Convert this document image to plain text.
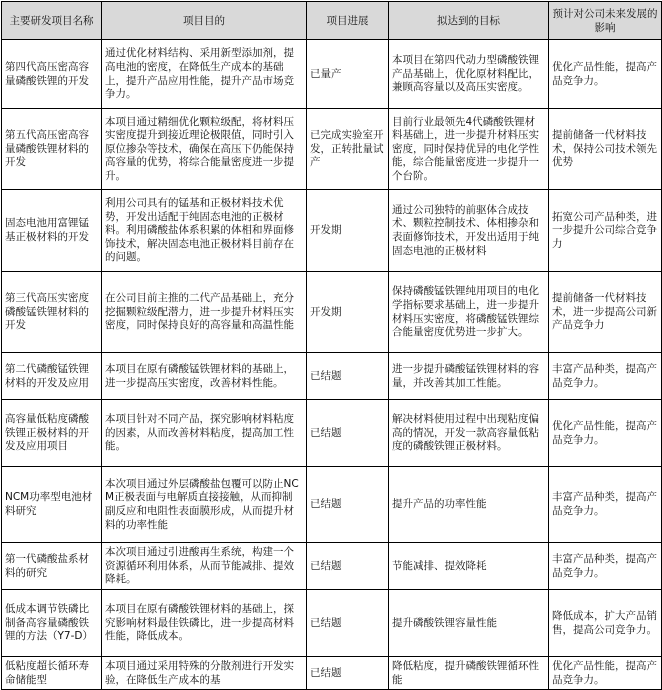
主要研发项目名称	项目目的	项目进展	拟达到的目标	预计对公司未来发展的影响
第四代高压密高容量磷酸铁锂的开发	通过优化材料结构、采用新型添加剂，提高电池的密度，在降低生产成本的基础上，提升产品应用性能，提升产品市场竞争力。	已量产	本项目在第四代动力型磷酸铁锂产品基础上，优化原材料配比，兼顾高容量以及高压实密度。	优化产品性能，提高产品竞争力。
第五代高压密高容量磷酸铁锂材料的开发	本项目通过精细优化颗粒级配，将材料压实密度提升到接近理论极限值，同时引入原位掺杂等技术，确保在高压下仍能保持高容量的优势，将综合能量密度进一步提升。	已完成实验室开发，正转批量试产	目前行业最领先4代磷酸铁锂材料基础上，进一步提升材料压实密度，同时保持优异的电化学性能，综合能量密度进一步提升一个台阶。	提前储备一代材料技术，保持公司技术领先优势
固态电池用富锂锰基正极材料的开发	利用公司具有的锰基和正极材料技术优势，开发出适配于纯固态电池的正极材料。利用磷酸盐体系积累的体相和界面修饰技术，解决固态电池正极材料目前存在的问题。	开发期	通过公司独特的前驱体合成技术、颗粒控制技术、体相掺杂和表面修饰技术，开发出适用于纯固态电池的正极材料	拓宽公司产品种类，进一步提升公司综合竞争力
第三代高压实密度磷酸锰铁锂材料的开发	在公司目前主推的二代产品基础上，充分挖掘颗粒级配潜力，进一步提升材料压实密度，同时保持良好的高容量和高温性能	开发期	保持磷酸锰铁锂纯用项目的电化学指标要求基础上，进一步提升材料压实密度，将磷酸锰铁锂综合能量密度优势进一步扩大。	提前储备一代材料技术，进一步提高公司新产品竞争力
第二代磷酸锰铁锂材料的开发及应用	本项目在原有磷酸锰铁锂材料的基础上，进一步提高压实密度，改善材料性能。	已结题	进一步提升磷酸锰铁锂材料的容量，并改善其加工性能。	丰富产品种类，提高产品竞争力。
高容量低粘度磷酸铁锂正极材料的开发及应用项目	本项目针对不同产品，探究影响材料粘度的因素，从而改善材料粘度，提高加工性能。	已结题	解决材料使用过程中出现粘度偏高的情况，开发一款高容量低粘度的磷酸铁锂正极材料。	优化产品性能，提高产品竞争力。
NCM功率型电池材料研究	本次项目通过外层磷酸盐包覆可以防止NCM正极表面与电解质直接接触，从而抑制副反应和电阻性表面膜形成，从而提升材料的功率性能	已结题	提升产品的功率性能	丰富产品种类，提高产品竞争力。
第一代磷酸盐系材料的研究	本次项目通过引进酸再生系统，构建一个资源循环利用体系，从而节能减排、提效降耗。	已结题	节能减排、提效降耗	丰富产品种类，提高产品竞争力。
低成本调节铁磷比制备高容量磷酸铁锂的方法（Y7-D）	本项目在原有磷酸铁锂材料的基础上，探究影响材料最佳铁磷比，进一步提高材料性能，降低成本。	已结题	提升磷酸铁锂容量性能	降低成本，扩大产品销售，提高公司竞争力。
低粘度超长循环寿命储能型	本项目通过采用特殊的分散剂进行开发实验，在降低生产成本的基	已结题	降低粘度，提升磷酸铁锂循环性能	优化产品性能，提高产品竞争力。
